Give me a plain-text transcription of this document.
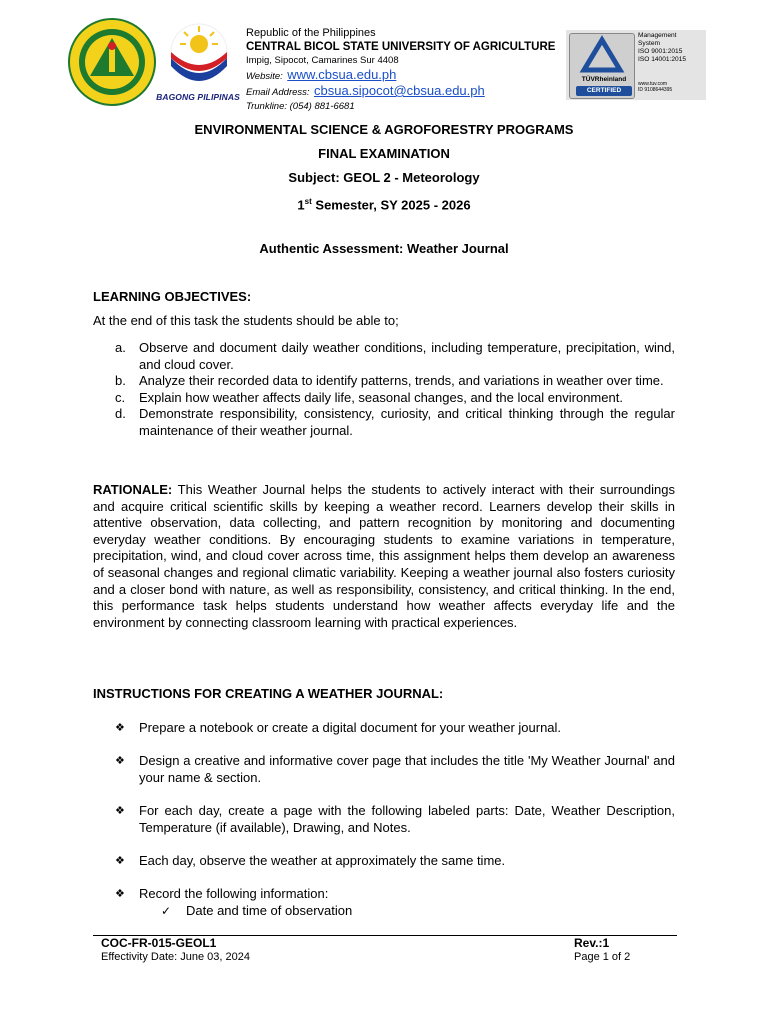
BAGONG PILIPINAS
Republic of the Philippines
CENTRAL BICOL STATE UNIVERSITY OF AGRICULTURE
Impig, Sipocot, Camarines Sur 4408
Website: www.cbsua.edu.ph
Email Address: cbsua.sipocot@cbsua.edu.ph
Trunkline: (054) 881-6681
TÜVRheinland
CERTIFIED
Management
System
ISO 9001:2015
ISO 14001:2015
www.tuv.com
ID 9108644395
ENVIRONMENTAL SCIENCE & AGROFORESTRY PROGRAMS
FINAL EXAMINATION
Subject: GEOL 2 - Meteorology
1st Semester, SY 2025 - 2026
Authentic Assessment: Weather Journal
LEARNING OBJECTIVES:
At the end of this task the students should be able to;
a. Observe and document daily weather conditions, including temperature, precipitation, wind, and cloud cover.
b. Analyze their recorded data to identify patterns, trends, and variations in weather over time.
c. Explain how weather affects daily life, seasonal changes, and the local environment.
d. Demonstrate responsibility, consistency, curiosity, and critical thinking through the regular maintenance of their weather journal.
RATIONALE: This Weather Journal helps the students to actively interact with their surroundings and acquire critical scientific skills by keeping a weather record. Learners develop their skills in attentive observation, data collecting, and pattern recognition by monitoring and documenting everyday weather conditions. By encouraging students to examine variations in temperature, precipitation, wind, and cloud cover across time, this assignment helps them develop an awareness of seasonal changes and regional climatic variability. Keeping a weather journal also fosters curiosity and a closer bond with nature, as well as responsibility, consistency, and critical thinking. In the end, this performance task helps students understand how weather affects everyday life and the environment by connecting classroom learning with practical experiences.
INSTRUCTIONS FOR CREATING A WEATHER JOURNAL:
❖ Prepare a notebook or create a digital document for your weather journal.
❖ Design a creative and informative cover page that includes the title 'My Weather Journal' and your name & section.
❖ For each day, create a page with the following labeled parts: Date, Weather Description, Temperature (if available), Drawing, and Notes.
❖ Each day, observe the weather at approximately the same time.
❖ Record the following information:
✓ Date and time of observation
COC-FR-015-GEOL1
Effectivity Date: June 03, 2024
Rev.:1
Page 1 of 2
